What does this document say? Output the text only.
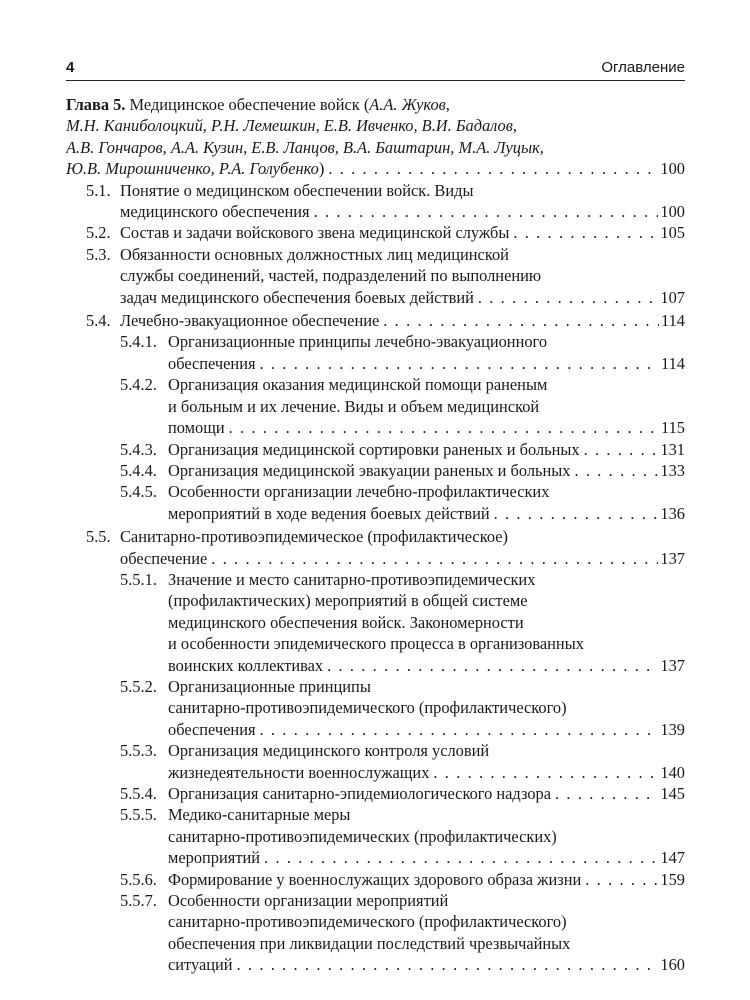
4	Оглавление
Глава 5. Медицинское обеспечение войск (А.А. Жуков,
М.Н. Каниболоцкий, Р.Н. Лемешкин, Е.В. Ивченко, В.И. Бадалов,
А.В. Гончаров, А.А. Кузин, Е.В. Ланцов, В.А. Баштарин, М.А. Луцык,
Ю.В. Мирошниченко, Р.А. Голубенко) . . .	100
5.1. Понятие о медицинском обеспечении войск. Виды
медицинского обеспечения . . .	100
5.2. Состав и задачи войскового звена медицинской службы . . .	105
5.3. Обязанности основных должностных лиц медицинской
службы соединений, частей, подразделений по выполнению
задач медицинского обеспечения боевых действий . . .	107
5.4. Лечебно-эвакуационное обеспечение . . .	114
5.4.1. Организационные принципы лечебно-эвакуационного
обеспечения . . .	114
5.4.2. Организация оказания медицинской помощи раненым
и больным и их лечение. Виды и объем медицинской
помощи . . .	115
5.4.3. Организация медицинской сортировки раненых и больных . . .	131
5.4.4. Организация медицинской эвакуации раненых и больных . . .	133
5.4.5. Особенности организации лечебно-профилактических
мероприятий в ходе ведения боевых действий . . .	136
5.5. Санитарно-противоэпидемическое (профилактическое)
обеспечение . . .	137
5.5.1. Значение и место санитарно-противоэпидемических
(профилактических) мероприятий в общей системе
медицинского обеспечения войск. Закономерности
и особенности эпидемического процесса в организованных
воинских коллективах . . .	137
5.5.2. Организационные принципы
санитарно-противоэпидемического (профилактического)
обеспечения . . .	139
5.5.3. Организация медицинского контроля условий
жизнедеятельности военнослужащих . . .	140
5.5.4. Организация санитарно-эпидемиологического надзора . . .	145
5.5.5. Медико-санитарные меры
санитарно-противоэпидемических (профилактических)
мероприятий . . .	147
5.5.6. Формирование у военнослужащих здорового образа жизни . . .	159
5.5.7. Особенности организации мероприятий
санитарно-противоэпидемического (профилактического)
обеспечения при ликвидации последствий чрезвычайных
ситуаций . . .	160
